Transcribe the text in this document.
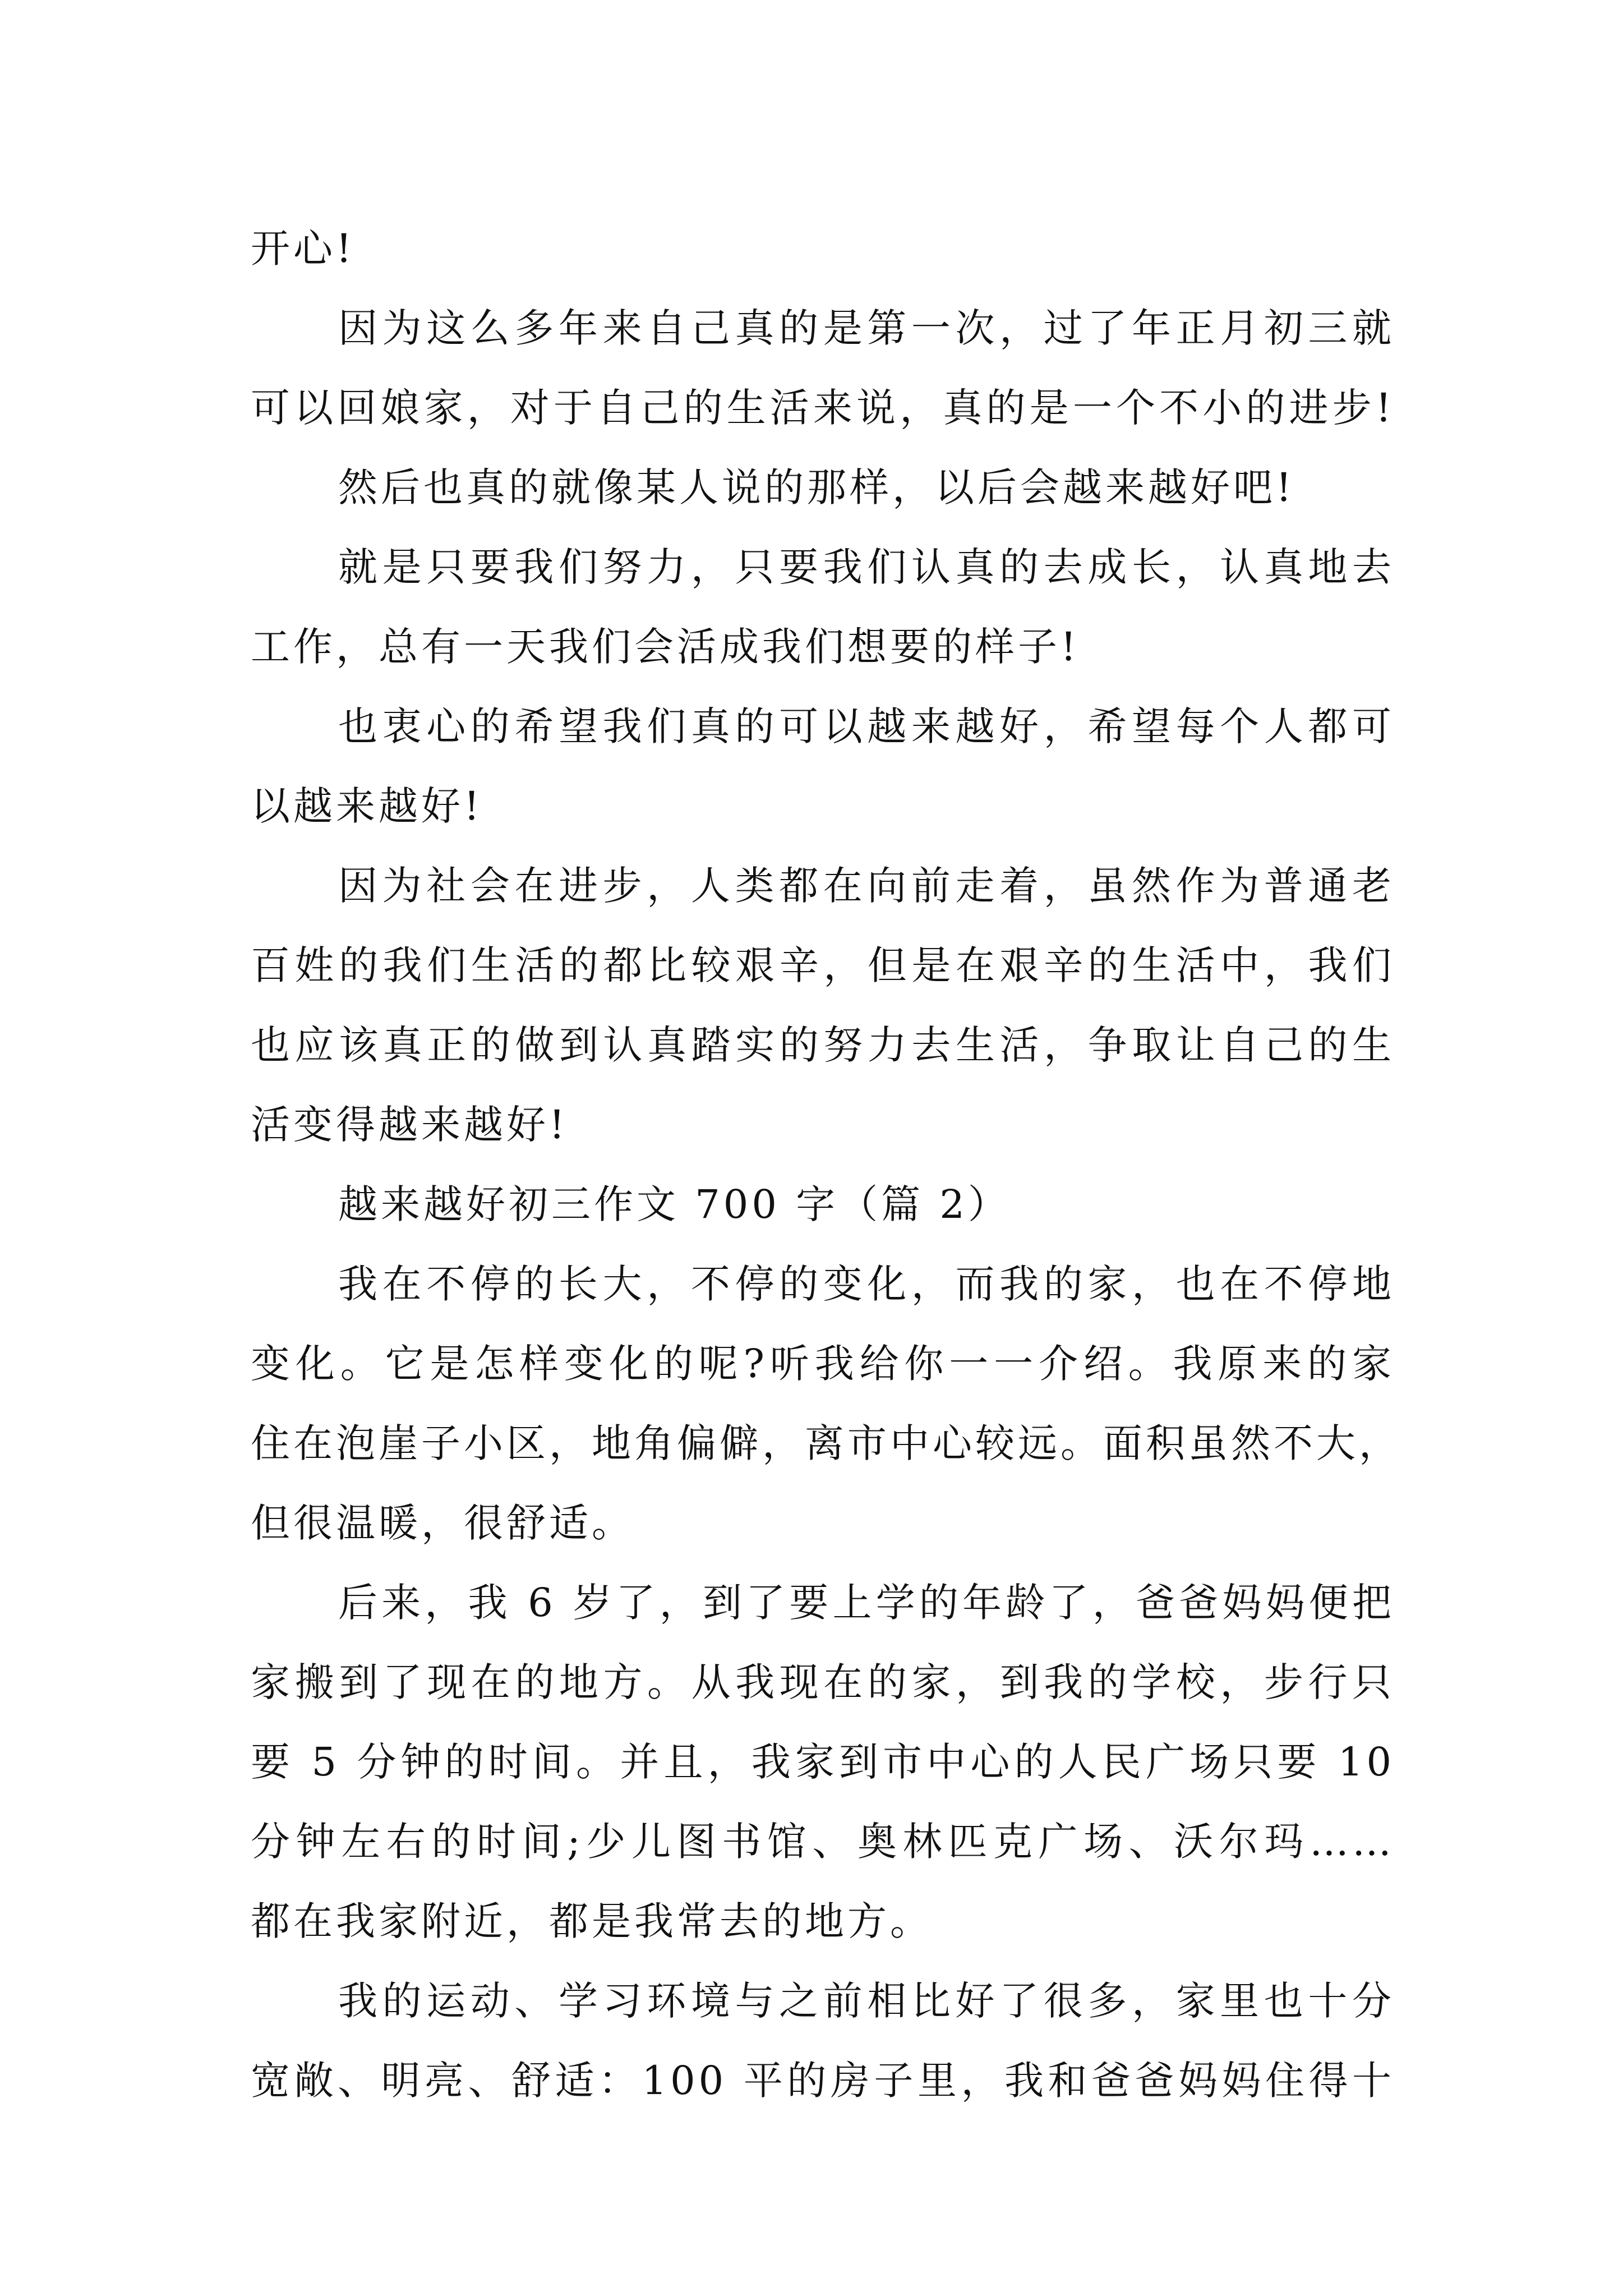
开心!
因为这么多年来自己真的是第一次，过了年正月初三就
可以回娘家，对于自己的生活来说，真的是一个不小的进步!
然后也真的就像某人说的那样，以后会越来越好吧!
就是只要我们努力，只要我们认真的去成长，认真地去
工作，总有一天我们会活成我们想要的样子!
也衷心的希望我们真的可以越来越好，希望每个人都可
以越来越好!
因为社会在进步，人类都在向前走着，虽然作为普通老
百姓的我们生活的都比较艰辛，但是在艰辛的生活中，我们
也应该真正的做到认真踏实的努力去生活，争取让自己的生
活变得越来越好!
越来越好初三作文 700 字（篇 2）
我在不停的长大，不停的变化，而我的家，也在不停地
变化。它是怎样变化的呢?听我给你一一介绍。我原来的家
住在泡崖子小区，地角偏僻，离市中心较远。面积虽然不大，
但很温暖，很舒适。
后来，我 6 岁了，到了要上学的年龄了，爸爸妈妈便把
家搬到了现在的地方。从我现在的家，到我的学校，步行只
要 5 分钟的时间。并且，我家到市中心的人民广场只要 10
分钟左右的时间;少儿图书馆、奥林匹克广场、沃尔玛……
都在我家附近，都是我常去的地方。
我的运动、学习环境与之前相比好了很多，家里也十分
宽敞、明亮、舒适：100 平的房子里，我和爸爸妈妈住得十
